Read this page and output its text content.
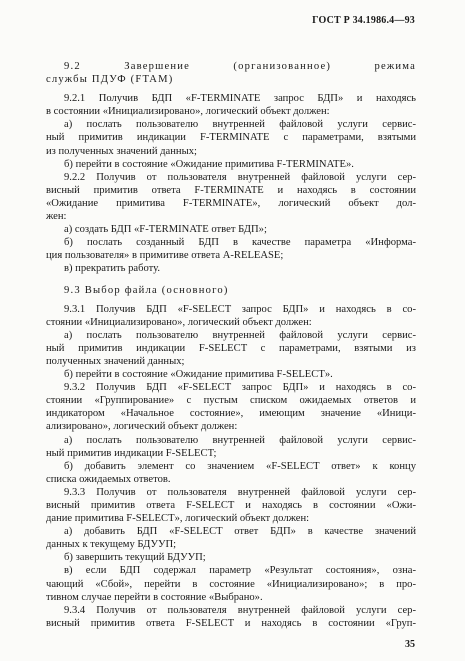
ГОСТ Р 34.1986.4—93
9.2 Завершение (организованное) режима
службы ПДУФ (FTAM)
9.2.1 Получив БДП «F-TERMINATE запрос БДП» и находясь
в состоянии «Инициализировано», логический объект должен:
а) послать пользователю внутренней файловой услуги сервис-
ный примитив индикации F-TERMINATE с параметрами, взятыми
из полученных значений данных;
б) перейти в состояние «Ожидание примитива F-TERMINATE».
9.2.2 Получив от пользователя внутренней файловой услуги сер-
висный примитив ответа F-TERMINATE и находясь в состоянии
«Ожидание примитива F-TERMINATE», логический объект дол-
жен:
а) создать БДП «F-TERMINATE ответ БДП»;
б) послать созданный БДП в качестве параметра «Информа-
ция пользователя» в примитиве ответа A-RELEASE;
в) прекратить работу.
9.3 Выбор файла (основного)
9.3.1 Получив БДП «F-SELECT запрос БДП» и находясь в со-
стоянии «Инициализировано», логический объект должен:
а) послать пользователю внутренней файловой услуги сервис-
ный примитив индикации F-SELECT с параметрами, взятыми из
полученных значений данных;
б) перейти в состояние «Ожидание примитива F-SELECT».
9.3.2 Получив БДП «F-SELECT запрос БДП» и находясь в со-
стоянии «Группирование» с пустым списком ожидаемых ответов и
индикатором «Начальное состояние», имеющим значение «Иници-
ализировано», логический объект должен:
а) послать пользователю внутренней файловой услуги сервис-
ный примитив индикации F-SELECT;
б) добавить элемент со значением «F-SELECT ответ» к концу
списка ожидаемых ответов.
9.3.3 Получив от пользователя внутренней файловой услуги сер-
висный примитив ответа F-SELECT и находясь в состоянии «Ожи-
дание примитива F-SELECT», логический объект должен:
а) добавить БДП «F-SELECT ответ БДП» в качестве значений
данных к текущему БДУУП;
б) завершить текущий БДУУП;
в) если БДП содержал параметр «Результат состояния», озна-
чающий «Сбой», перейти в состояние «Инициализировано»; в про-
тивном случае перейти в состояние «Выбрано».
9.3.4 Получив от пользователя внутренней файловой услуги сер-
висный примитив ответа F-SELECT и находясь в состоянии «Груп-
35
